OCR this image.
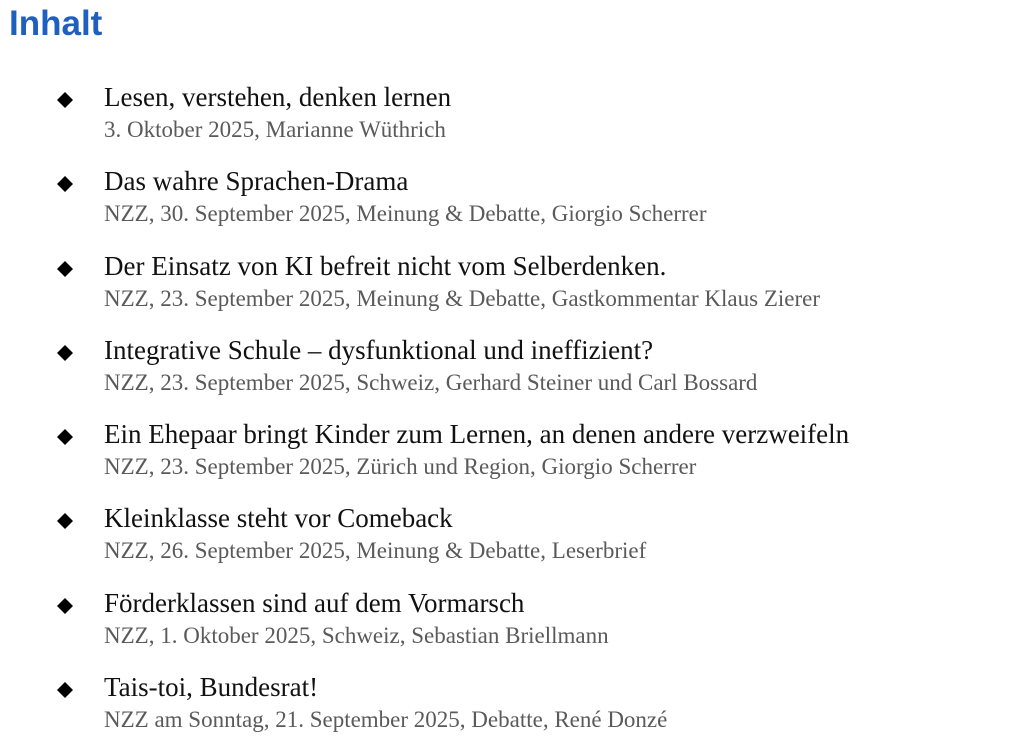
Inhalt
Lesen, verstehen, denken lernen
3. Oktober 2025, Marianne Wüthrich
Das wahre Sprachen-Drama
NZZ, 30. September 2025, Meinung & Debatte, Giorgio Scherrer
Der Einsatz von KI befreit nicht vom Selberdenken.
NZZ, 23. September 2025, Meinung & Debatte, Gastkommentar Klaus Zierer
Integrative Schule – dysfunktional und ineffizient?
NZZ, 23. September 2025, Schweiz, Gerhard Steiner und Carl Bossard
Ein Ehepaar bringt Kinder zum Lernen, an denen andere verzweifeln
NZZ, 23. September 2025, Zürich und Region, Giorgio Scherrer
Kleinklasse steht vor Comeback
NZZ, 26. September 2025, Meinung & Debatte, Leserbrief
Förderklassen sind auf dem Vormarsch
NZZ, 1. Oktober 2025, Schweiz, Sebastian Briellmann
Tais-toi, Bundesrat!
NZZ am Sonntag, 21. September 2025, Debatte, René Donzé
